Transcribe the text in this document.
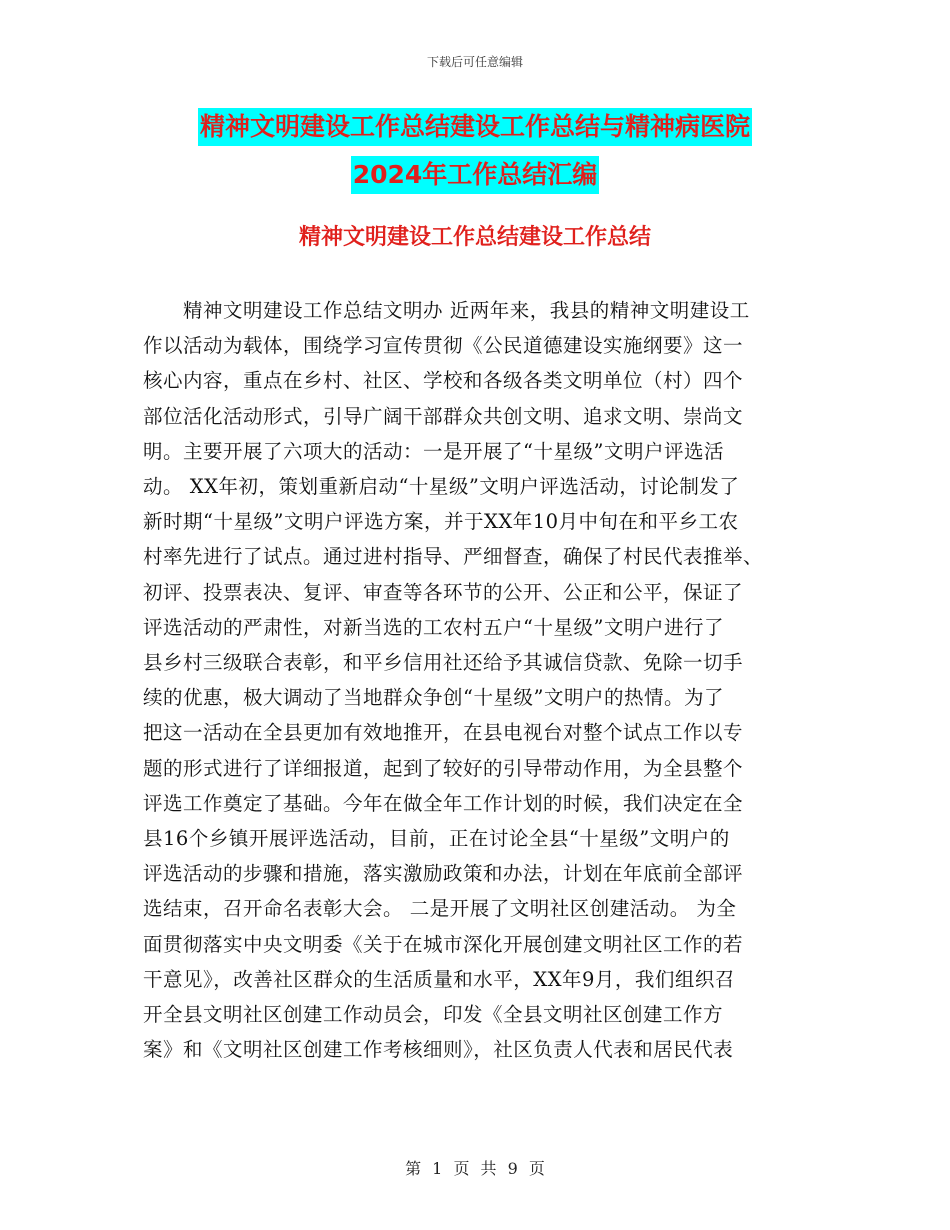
下载后可任意编辑
精神文明建设工作总结建设工作总结与精神病医院
2024年工作总结汇编
精神文明建设工作总结建设工作总结

　　精神文明建设工作总结文明办 近两年来，我县的精神文明建设工

作以活动为载体，围绕学习宣传贯彻《公民道德建设实施纲要》这一

核心内容，重点在乡村、社区、学校和各级各类文明单位（村）四个

部位活化活动形式，引导广阔干部群众共创文明、追求文明、崇尚文

明。主要开展了六项大的活动：一是开展了“十星级”文明户评选活

动。 XX年初，策划重新启动“十星级”文明户评选活动，讨论制发了

新时期“十星级”文明户评选方案，并于XX年10月中旬在和平乡工农

村率先进行了试点。通过进村指导、严细督查，确保了村民代表推举、

初评、投票表决、复评、审查等各环节的公开、公正和公平，保证了

评选活动的严肃性，对新当选的工农村五户“十星级”文明户进行了

县乡村三级联合表彰，和平乡信用社还给予其诚信贷款、免除一切手

续的优惠，极大调动了当地群众争创“十星级”文明户的热情。为了

把这一活动在全县更加有效地推开，在县电视台对整个试点工作以专

题的形式进行了详细报道，起到了较好的引导带动作用，为全县整个

评选工作奠定了基础。今年在做全年工作计划的时候，我们决定在全

县16个乡镇开展评选活动，目前，正在讨论全县“十星级”文明户的

评选活动的步骤和措施，落实激励政策和办法，计划在年底前全部评

选结束，召开命名表彰大会。 二是开展了文明社区创建活动。 为全

面贯彻落实中央文明委《关于在城市深化开展创建文明社区工作的若

干意见》，改善社区群众的生活质量和水平，XX年9月，我们组织召

开全县文明社区创建工作动员会，印发《全县文明社区创建工作方

案》和《文明社区创建工作考核细则》，社区负责人代表和居民代表

第 1 页 共 9 页
